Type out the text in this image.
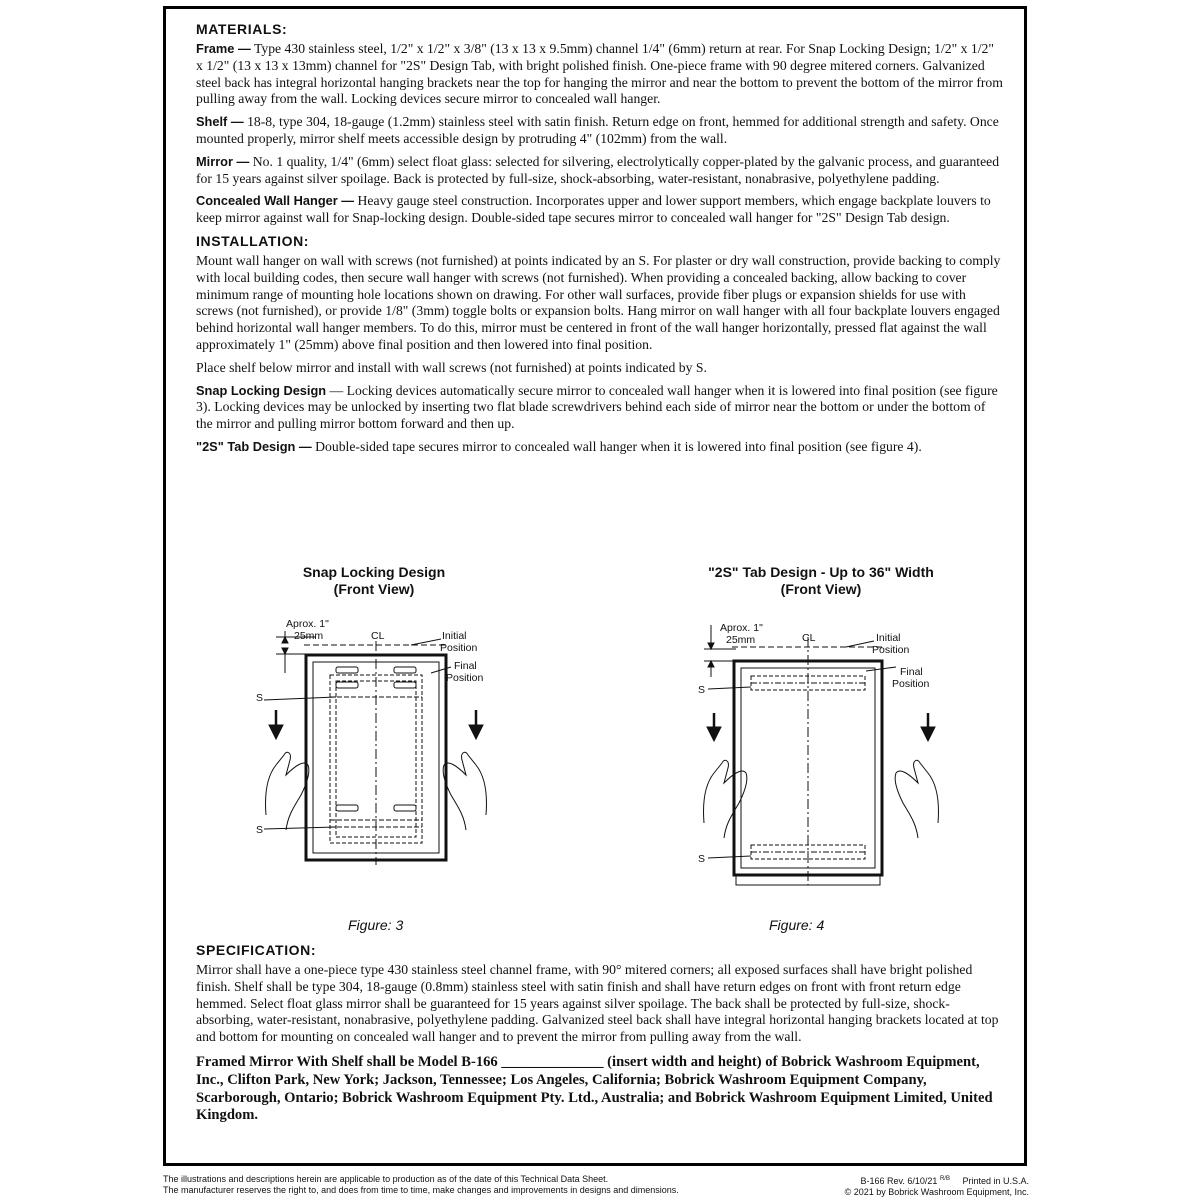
MATERIALS:

Frame — Type 430 stainless steel, 1/2" x 1/2" x 3/8" (13 x 13 x 9.5mm) channel 1/4" (6mm) return at rear. For Snap Locking Design; 1/2" x 1/2" x 1/2" (13 x 13 x 13mm) channel for "2S" Design Tab, with bright polished finish. One-piece frame with 90 degree mitered corners. Galvanized steel back has integral horizontal hanging brackets near the top for hanging the mirror and near the bottom to prevent the bottom of the mirror from pulling away from the wall. Locking devices secure mirror to concealed wall hanger.

Shelf — 18-8, type 304, 18-gauge (1.2mm) stainless steel with satin finish. Return edge on front, hemmed for additional strength and safety. Once mounted properly, mirror shelf meets accessible design by protruding 4" (102mm) from the wall.

Mirror — No. 1 quality, 1/4" (6mm) select float glass: selected for silvering, electrolytically copper-plated by the galvanic process, and guaranteed for 15 years against silver spoilage. Back is protected by full-size, shock-absorbing, water-resistant, nonabrasive, polyethylene padding.

Concealed Wall Hanger — Heavy gauge steel construction. Incorporates upper and lower support members, which engage backplate louvers to keep mirror against wall for Snap-locking design. Double-sided tape secures mirror to concealed wall hanger for "2S" Design Tab design.

INSTALLATION:

Mount wall hanger on wall with screws (not furnished) at points indicated by an S. For plaster or dry wall construction, provide backing to comply with local building codes, then secure wall hanger with screws (not furnished). When providing a concealed backing, allow backing to cover minimum range of mounting hole locations shown on drawing. For other wall surfaces, provide fiber plugs or expansion shields for use with screws (not furnished), or provide 1/8" (3mm) toggle bolts or expansion bolts. Hang mirror on wall hanger with all four backplate louvers engaged behind horizontal wall hanger members. To do this, mirror must be centered in front of the wall hanger horizontally, pressed flat against the wall approximately 1" (25mm) above final position and then lowered into final position.

Place shelf below mirror and install with wall screws (not furnished) at points indicated by S.

Snap Locking Design — Locking devices automatically secure mirror to concealed wall hanger when it is lowered into final position (see figure 3). Locking devices may be unlocked by inserting two flat blade screwdrivers behind each side of mirror near the bottom or under the bottom of the mirror and pulling mirror bottom forward and then up.

"2S" Tab Design — Double-sided tape secures mirror to concealed wall hanger when it is lowered into final position (see figure 4).

Snap Locking Design
(Front View)
Aprox. 1"
25mm	CL	Initial
Position
Final
Position
S
S
Figure: 3
"2S" Tab Design - Up to 36" Width
(Front View)
Aprox. 1"
25mm	CL	Initial
Position
Final
Position
S
S
Figure: 4
SPECIFICATION:

Mirror shall have a one-piece type 430 stainless steel channel frame, with 90° mitered corners; all exposed surfaces shall have bright polished finish. Shelf shall be type 304, 18-gauge (0.8mm) stainless steel with satin finish and shall have return edges on front with front return edge hemmed. Select float glass mirror shall be guaranteed for 15 years against silver spoilage. The back shall be protected by full-size, shock-absorbing, water-resistant, nonabrasive, polyethylene padding. Galvanized steel back shall have integral horizontal hanging brackets located at top and bottom for mounting on concealed wall hanger and to prevent the mirror from pulling away from the wall.

Framed Mirror With Shelf shall be Model B-166 ______________ (insert width and height) of Bobrick Washroom Equipment, Inc., Clifton Park, New York; Jackson, Tennessee; Los Angeles, California; Bobrick Washroom Equipment Company, Scarborough, Ontario; Bobrick Washroom Equipment Pty. Ltd., Australia; and Bobrick Washroom Equipment Limited, United Kingdom.

The illustrations and descriptions herein are applicable to production as of the date of this Technical Data Sheet.
The manufacturer reserves the right to, and does from time to time, make changes and improvements in designs and dimensions.
B-166 Rev. 6/10/21 $^{R/B}$ Printed in U.S.A.
© 2021 by Bobrick Washroom Equipment, Inc.
